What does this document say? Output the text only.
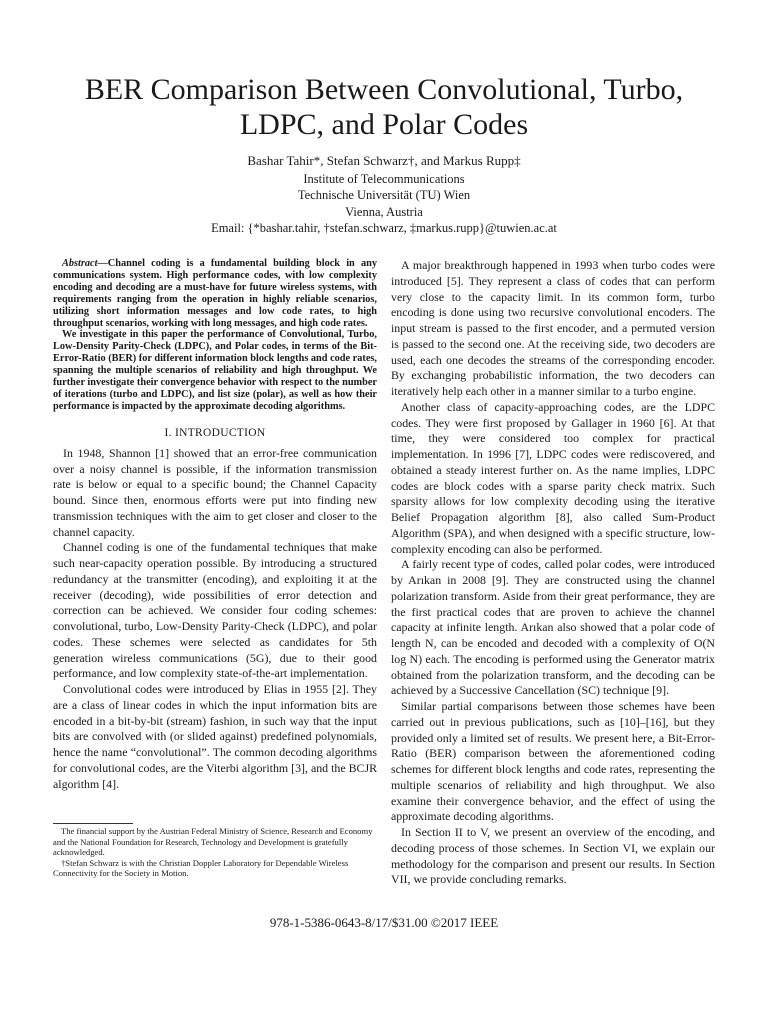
BER Comparison Between Convolutional, Turbo, LDPC, and Polar Codes
Bashar Tahir*, Stefan Schwarz†, and Markus Rupp‡
Institute of Telecommunications
Technische Universität (TU) Wien
Vienna, Austria
Email: {*bashar.tahir, †stefan.schwarz, ‡markus.rupp}@tuwien.ac.at

Abstract—Channel coding is a fundamental building block in any communications system. High performance codes, with low complexity encoding and decoding are a must-have for future wireless systems, with requirements ranging from the operation in highly reliable scenarios, utilizing short information messages and low code rates, to high throughput scenarios, working with long messages, and high code rates.

We investigate in this paper the performance of Convolutional, Turbo, Low-Density Parity-Check (LDPC), and Polar codes, in terms of the Bit-Error-Ratio (BER) for different information block lengths and code rates, spanning the multiple scenarios of reliability and high throughput. We further investigate their convergence behavior with respect to the number of iterations (turbo and LDPC), and list size (polar), as well as how their performance is impacted by the approximate decoding algorithms.

I. INTRODUCTION

In 1948, Shannon [1] showed that an error-free communication over a noisy channel is possible, if the information transmission rate is below or equal to a specific bound; the Channel Capacity bound. Since then, enormous efforts were put into finding new transmission techniques with the aim to get closer and closer to the channel capacity.

Channel coding is one of the fundamental techniques that make such near-capacity operation possible. By introducing a structured redundancy at the transmitter (encoding), and exploiting it at the receiver (decoding), wide possibilities of error detection and correction can be achieved. We consider four coding schemes: convolutional, turbo, Low-Density Parity-Check (LDPC), and polar codes. These schemes were selected as candidates for 5th generation wireless communications (5G), due to their good performance, and low complexity state-of-the-art implementation.

Convolutional codes were introduced by Elias in 1955 [2]. They are a class of linear codes in which the input information bits are encoded in a bit-by-bit (stream) fashion, in such way that the input bits are convolved with (or slided against) predefined polynomials, hence the name “convolutional”. The common decoding algorithms for convolutional codes, are the Viterbi algorithm [3], and the BCJR algorithm [4].

The financial support by the Austrian Federal Ministry of Science, Research and Economy and the National Foundation for Research, Technology and Development is gratefully acknowledged.

†Stefan Schwarz is with the Christian Doppler Laboratory for Dependable Wireless Connectivity for the Society in Motion.

A major breakthrough happened in 1993 when turbo codes were introduced [5]. They represent a class of codes that can perform very close to the capacity limit. In its common form, turbo encoding is done using two recursive convolutional encoders. The input stream is passed to the first encoder, and a permuted version is passed to the second one. At the receiving side, two decoders are used, each one decodes the streams of the corresponding encoder. By exchanging probabilistic information, the two decoders can iteratively help each other in a manner similar to a turbo engine.

Another class of capacity-approaching codes, are the LDPC codes. They were first proposed by Gallager in 1960 [6]. At that time, they were considered too complex for practical implementation. In 1996 [7], LDPC codes were rediscovered, and obtained a steady interest further on. As the name implies, LDPC codes are block codes with a sparse parity check matrix. Such sparsity allows for low complexity decoding using the iterative Belief Propagation algorithm [8], also called Sum-Product Algorithm (SPA), and when designed with a specific structure, low-complexity encoding can also be performed.

A fairly recent type of codes, called polar codes, were introduced by Arıkan in 2008 [9]. They are constructed using the channel polarization transform. Aside from their great performance, they are the first practical codes that are proven to achieve the channel capacity at infinite length. Arıkan also showed that a polar code of length N, can be encoded and decoded with a complexity of O(N log N) each. The encoding is performed using the Generator matrix obtained from the polarization transform, and the decoding can be achieved by a Successive Cancellation (SC) technique [9].

Similar partial comparisons between those schemes have been carried out in previous publications, such as [10]–[16], but they provided only a limited set of results. We present here, a Bit-Error-Ratio (BER) comparison between the aforementioned coding schemes for different block lengths and code rates, representing the multiple scenarios of reliability and high throughput. We also examine their convergence behavior, and the effect of using the approximate decoding algorithms.

In Section II to V, we present an overview of the encoding, and decoding process of those schemes. In Section VI, we explain our methodology for the comparison and present our results. In Section VII, we provide concluding remarks.

978-1-5386-0643-8/17/$31.00 ©2017 IEEE
